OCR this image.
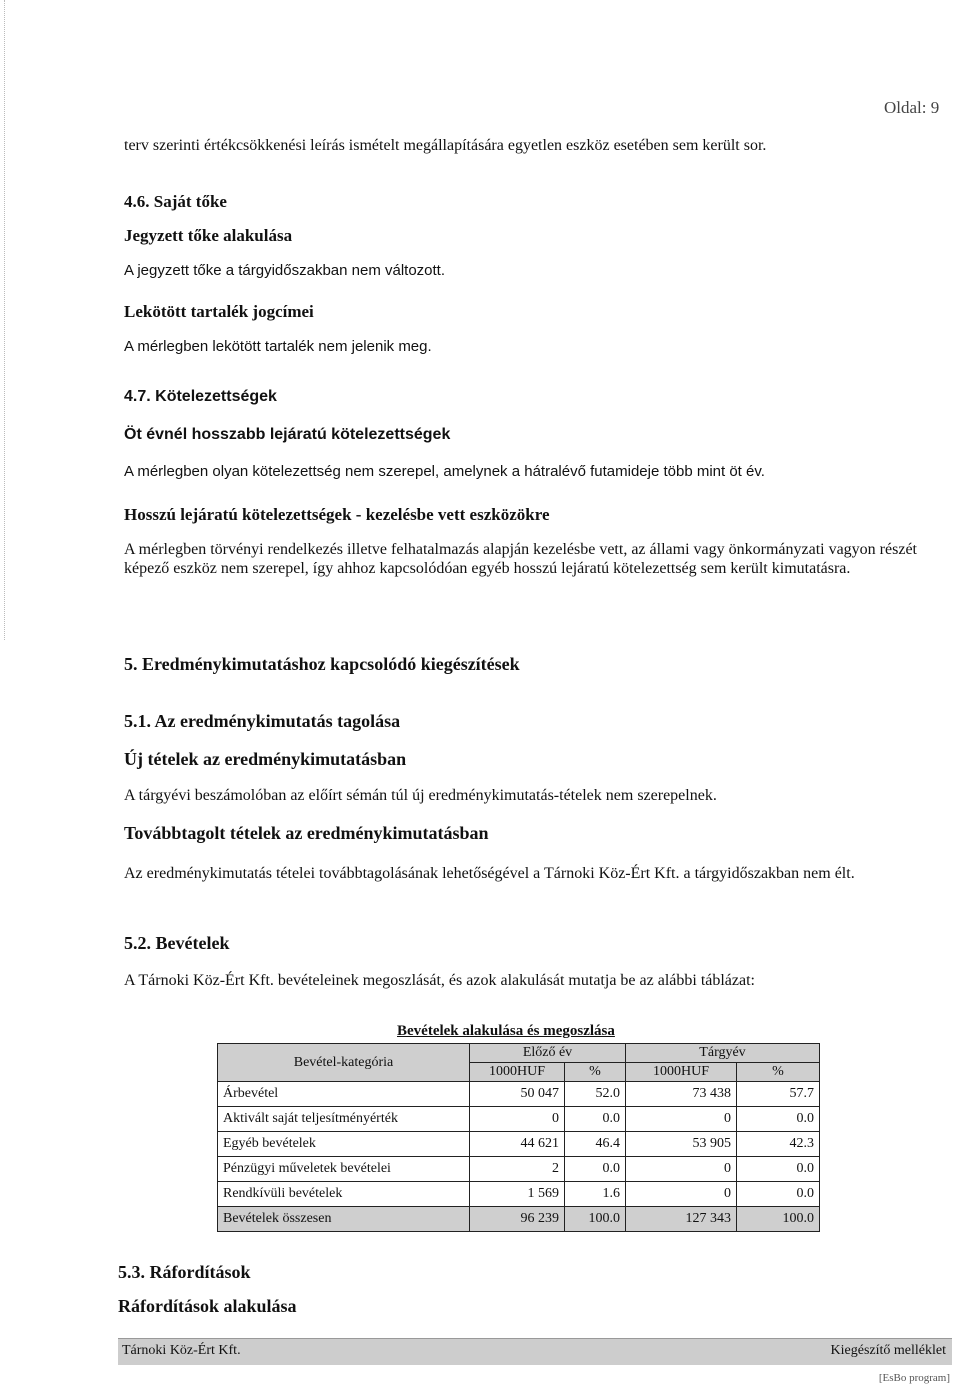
Oldal: 9
terv szerinti értékcsökkenési leírás ismételt megállapítására egyetlen eszköz esetében sem került sor.
4.6. Saját tőke
Jegyzett tőke alakulása
A jegyzett tőke a tárgyidőszakban nem változott.
Lekötött tartalék jogcímei
A mérlegben lekötött tartalék nem jelenik meg.
4.7. Kötelezettségek
Öt évnél hosszabb lejáratú kötelezettségek
A mérlegben olyan kötelezettség nem szerepel, amelynek a hátralévő futamideje több mint öt év.
Hosszú lejáratú kötelezettségek - kezelésbe vett eszközökre
A mérlegben törvényi rendelkezés illetve felhatalmazás alapján kezelésbe vett, az állami vagy önkormányzati vagyon részét képező eszköz nem szerepel, így ahhoz kapcsolódóan egyéb hosszú lejáratú kötelezettség sem került kimutatásra.
5. Eredménykimutatáshoz kapcsolódó kiegészítések
5.1. Az eredménykimutatás tagolása
Új tételek az eredménykimutatásban
A tárgyévi beszámolóban az előírt sémán túl új eredménykimutatás-tételek nem szerepelnek.
Továbbtagolt tételek az eredménykimutatásban
Az eredménykimutatás tételei továbbtagolásának lehetőségével a Tárnoki Köz-Ért Kft. a tárgyidőszakban nem élt.
5.2. Bevételek
A Tárnoki Köz-Ért Kft. bevételeinek megoszlását, és azok alakulását mutatja be az alábbi táblázat:
Bevételek alakulása és megoszlása
Bevétel-kategória	Előző év		Tárgyév	
	1000HUF	%	1000HUF	%
Árbevétel	50 047	52.0	73 438	57.7
Aktivált saját teljesítményérték	0	0.0	0	0.0
Egyéb bevételek	44 621	46.4	53 905	42.3
Pénzügyi műveletek bevételei	2	0.0	0	0.0
Rendkívüli bevételek	1 569	1.6	0	0.0
Bevételek összesen	96 239	100.0	127 343	100.0
5.3. Ráfordítások
Ráfordítások alakulása
Tárnoki Köz-Ért Kft.	Kiegészítő melléklet
[EsBo program]
